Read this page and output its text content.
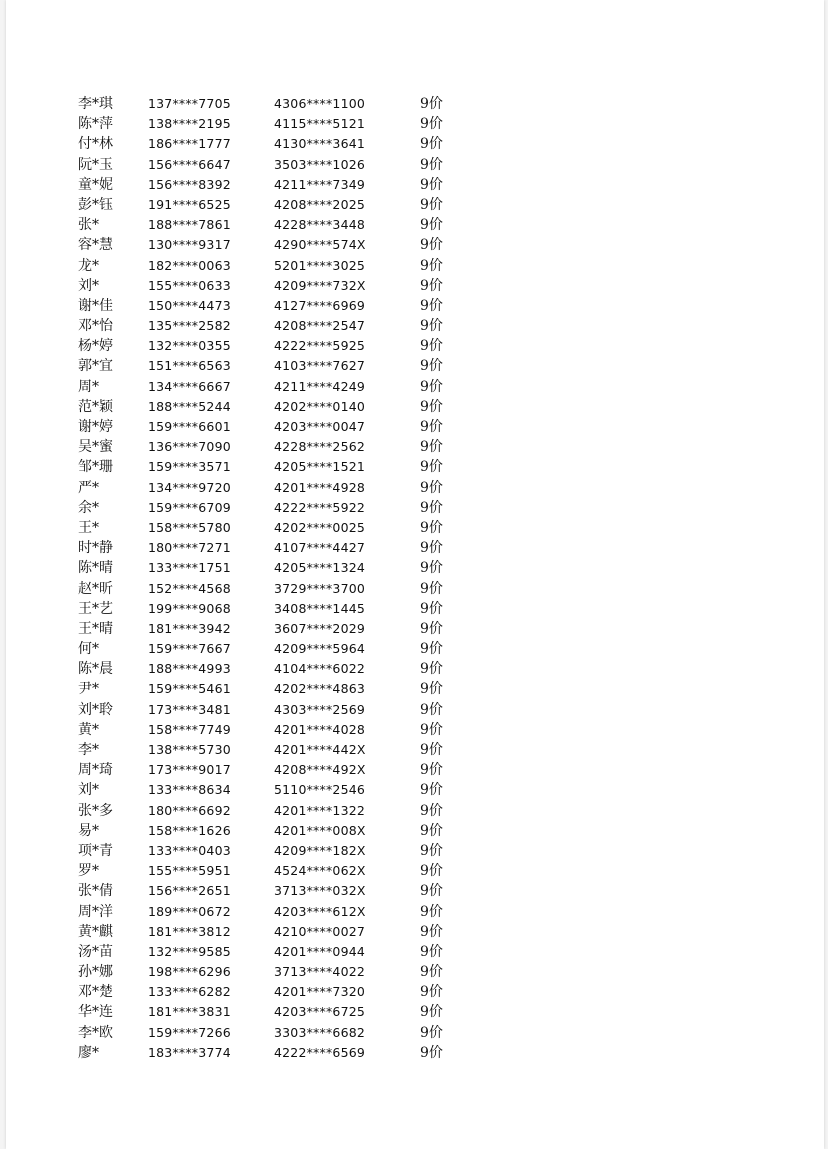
李*琪	137****7705	4306****1100	9价
陈*萍	138****2195	4115****5121	9价
付*林	186****1777	4130****3641	9价
阮*玉	156****6647	3503****1026	9价
童*妮	156****8392	4211****7349	9价
彭*钰	191****6525	4208****2025	9价
张*	188****7861	4228****3448	9价
容*慧	130****9317	4290****574X	9价
龙*	182****0063	5201****3025	9价
刘*	155****0633	4209****732X	9价
谢*佳	150****4473	4127****6969	9价
邓*怡	135****2582	4208****2547	9价
杨*婷	132****0355	4222****5925	9价
郭*宜	151****6563	4103****7627	9价
周*	134****6667	4211****4249	9价
范*颖	188****5244	4202****0140	9价
谢*婷	159****6601	4203****0047	9价
吴*蜜	136****7090	4228****2562	9价
邹*珊	159****3571	4205****1521	9价
严*	134****9720	4201****4928	9价
余*	159****6709	4222****5922	9价
王*	158****5780	4202****0025	9价
时*静	180****7271	4107****4427	9价
陈*晴	133****1751	4205****1324	9价
赵*昕	152****4568	3729****3700	9价
王*艺	199****9068	3408****1445	9价
王*晴	181****3942	3607****2029	9价
何*	159****7667	4209****5964	9价
陈*晨	188****4993	4104****6022	9价
尹*	159****5461	4202****4863	9价
刘*聆	173****3481	4303****2569	9价
黄*	158****7749	4201****4028	9价
李*	138****5730	4201****442X	9价
周*琦	173****9017	4208****492X	9价
刘*	133****8634	5110****2546	9价
张*多	180****6692	4201****1322	9价
易*	158****1626	4201****008X	9价
项*青	133****0403	4209****182X	9价
罗*	155****5951	4524****062X	9价
张*倩	156****2651	3713****032X	9价
周*洋	189****0672	4203****612X	9价
黄*麒	181****3812	4210****0027	9价
汤*苗	132****9585	4201****0944	9价
孙*娜	198****6296	3713****4022	9价
邓*楚	133****6282	4201****7320	9价
华*连	181****3831	4203****6725	9价
李*欧	159****7266	3303****6682	9价
廖*	183****3774	4222****6569	9价
